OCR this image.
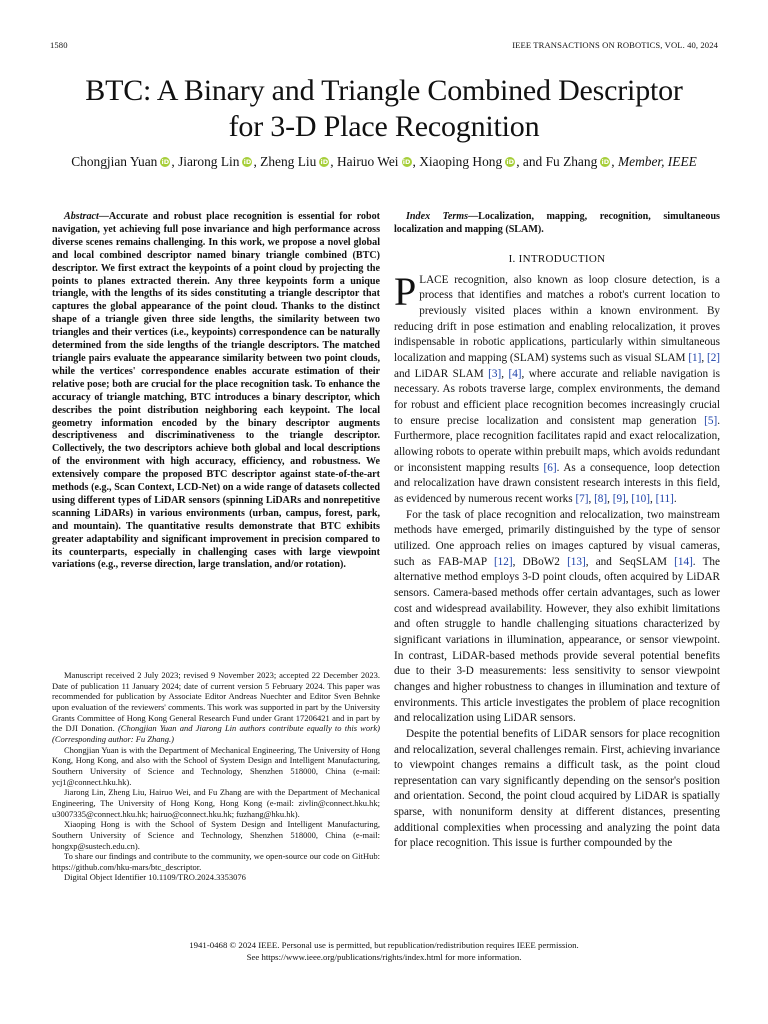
1580	IEEE TRANSACTIONS ON ROBOTICS, VOL. 40, 2024
BTC: A Binary and Triangle Combined Descriptor
for 3-D Place Recognition
Chongjian Yuan iD , Jiarong Lin iD , Zheng Liu iD , Hairuo Wei iD , Xiaoping Hong iD , and Fu Zhang iD , Member, IEEE

Abstract—Accurate and robust place recognition is essential for robot navigation, yet achieving full pose invariance and high performance across diverse scenes remains challenging. In this work, we propose a novel global and local combined descriptor named binary triangle combined (BTC) descriptor. We first extract the keypoints of a point cloud by projecting the points to planes extracted therein. Any three keypoints form a unique triangle, with the lengths of its sides constituting a triangle descriptor that captures the global appearance of the point cloud. Thanks to the distinct shape of a triangle given three side lengths, the similarity between two triangles and their vertices (i.e., keypoints) correspondence can be naturally determined from the side lengths of the triangle descriptors. The matched triangle pairs evaluate the appearance similarity between two point clouds, while the vertices' correspondence enables accurate estimation of their relative pose; both are crucial for the place recognition task. To enhance the accuracy of triangle matching, BTC introduces a binary descriptor, which describes the point distribution neighboring each keypoint. The local geometry information encoded by the binary descriptor augments descriptiveness and discriminativeness to the triangle descriptor. Collectively, the two descriptors achieve both global and local descriptions of the environment with high accuracy, efficiency, and robustness. We extensively compare the proposed BTC descriptor against state-of-the-art methods (e.g., Scan Context, LCD-Net) on a wide range of datasets collected using different types of LiDAR sensors (spinning LiDARs and nonrepetitive scanning LiDARs) in various environments (urban, campus, forest, park, and mountain). The quantitative results demonstrate that BTC exhibits greater adaptability and significant improvement in precision compared to its counterparts, especially in challenging cases with large viewpoint variations (e.g., reverse direction, large translation, and/or rotation).

Manuscript received 2 July 2023; revised 9 November 2023; accepted 22 December 2023. Date of publication 11 January 2024; date of current version 5 February 2024. This paper was recommended for publication by Associate Editor Andreas Nuechter and Editor Sven Behnke upon evaluation of the reviewers' comments. This work was supported in part by the University Grants Committee of Hong Kong General Research Fund under Grant 17206421 and in part by the DJI Donation. (Chongjian Yuan and Jiarong Lin authors contribute equally to this work) (Corresponding author: Fu Zhang.)

Chongjian Yuan is with the Department of Mechanical Engineering, The University of Hong Kong, Hong Kong, and also with the School of System Design and Intelligent Manufacturing, Southern University of Science and Technology, Shenzhen 518000, China (e-mail: ycj1@connect.hku.hk).

Jiarong Lin, Zheng Liu, Hairuo Wei, and Fu Zhang are with the Department of Mechanical Engineering, The University of Hong Kong, Hong Kong (e-mail: zivlin@connect.hku.hk; u3007335@connect.hku.hk; hairuo@connect.hku.hk; fuzhang@hku.hk).

Xiaoping Hong is with the School of System Design and Intelligent Manufacturing, Southern University of Science and Technology, Shenzhen 518000, China (e-mail: hongxp@sustech.edu.cn).

To share our findings and contribute to the community, we open-source our code on GitHub: https://github.com/hku-mars/btc_descriptor.

Digital Object Identifier 10.1109/TRO.2024.3353076

Index Terms—Localization, mapping, recognition, simultaneous localization and mapping (SLAM).

I. INTRODUCTION

PLACE recognition, also known as loop closure detection, is a process that identifies and matches a robot's current location to previously visited places within a known environment. By reducing drift in pose estimation and enabling relocalization, it proves indispensable in robotic applications, particularly within simultaneous localization and mapping (SLAM) systems such as visual SLAM [1], [2] and LiDAR SLAM [3], [4], where accurate and reliable navigation is necessary. As robots traverse large, complex environments, the demand for robust and efficient place recognition becomes increasingly crucial to ensure precise localization and consistent map generation [5]. Furthermore, place recognition facilitates rapid and exact relocalization, allowing robots to operate within prebuilt maps, which avoids redundant or inconsistent mapping results [6]. As a consequence, loop detection and relocalization have drawn consistent research interests in this field, as evidenced by numerous recent works [7], [8], [9], [10], [11].

For the task of place recognition and relocalization, two mainstream methods have emerged, primarily distinguished by the type of sensor utilized. One approach relies on images captured by visual cameras, such as FAB-MAP [12], DBoW2 [13], and SeqSLAM [14]. The alternative method employs 3-D point clouds, often acquired by LiDAR sensors. Camera-based methods offer certain advantages, such as lower cost and widespread availability. However, they also exhibit limitations and often struggle to handle challenging situations characterized by significant variations in illumination, appearance, or sensor viewpoint. In contrast, LiDAR-based methods provide several potential benefits due to their 3-D measurements: less sensitivity to sensor viewpoint changes and higher robustness to changes in illumination and texture of environments. This article investigates the problem of place recognition and relocalization using LiDAR sensors.

Despite the potential benefits of LiDAR sensors for place recognition and relocalization, several challenges remain. First, achieving invariance to viewpoint changes remains a difficult task, as the point cloud representation can vary significantly depending on the sensor's position and orientation. Second, the point cloud acquired by LiDAR is spatially sparse, with nonuniform density at different distances, presenting additional complexities when processing and analyzing the point data for place recognition. This issue is further compounded by the

1941-0468 © 2024 IEEE. Personal use is permitted, but republication/redistribution requires IEEE permission.
See https://www.ieee.org/publications/rights/index.html for more information.
